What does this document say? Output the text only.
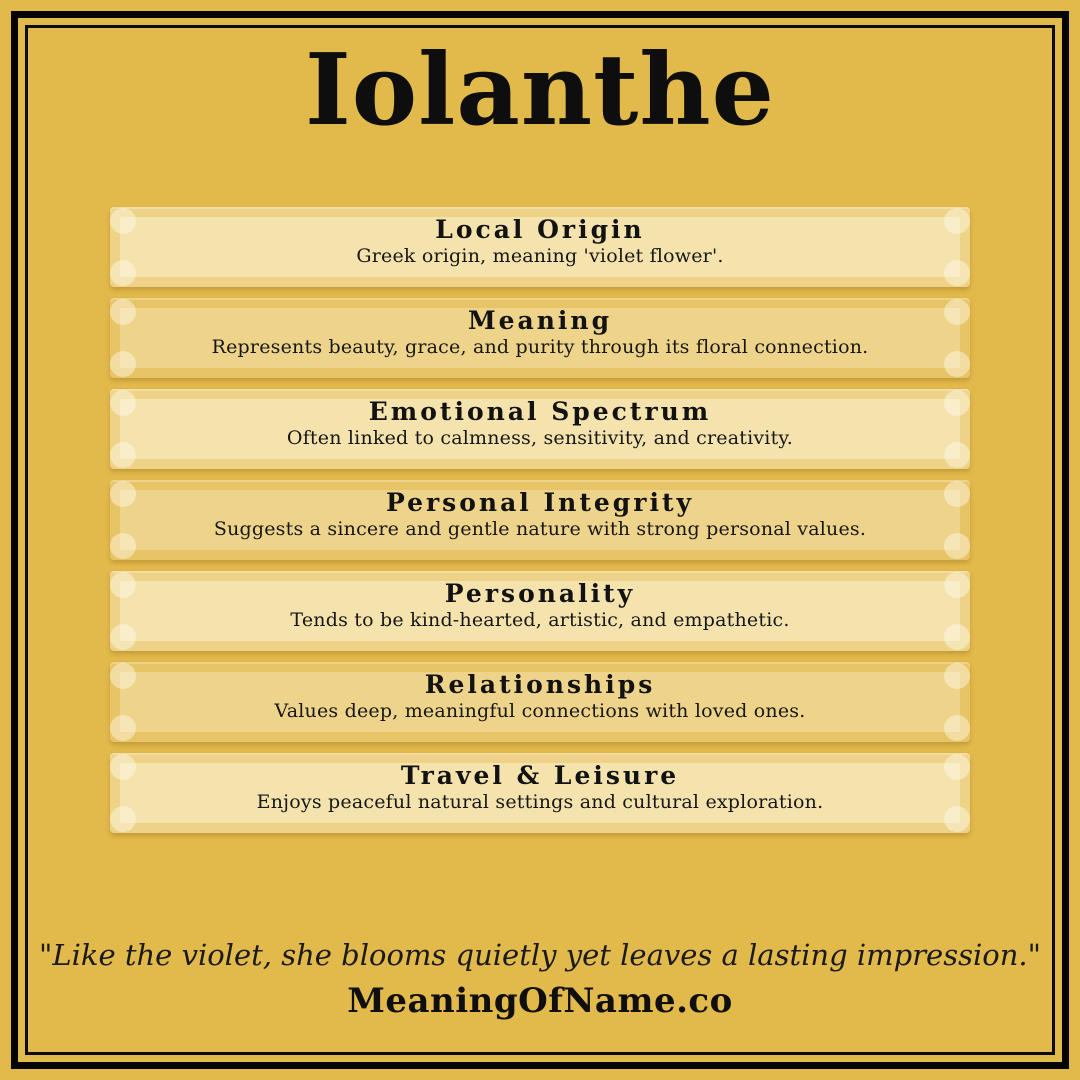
Iolanthe
Local Origin

Greek origin, meaning 'violet flower'.

Meaning

Represents beauty, grace, and purity through its floral connection.

Emotional Spectrum

Often linked to calmness, sensitivity, and creativity.

Personal Integrity

Suggests a sincere and gentle nature with strong personal values.

Personality

Tends to be kind-hearted, artistic, and empathetic.

Relationships

Values deep, meaningful connections with loved ones.

Travel & Leisure

Enjoys peaceful natural settings and cultural exploration.

"Like the violet, she blooms quietly yet leaves a lasting impression."
MeaningOfName.co
